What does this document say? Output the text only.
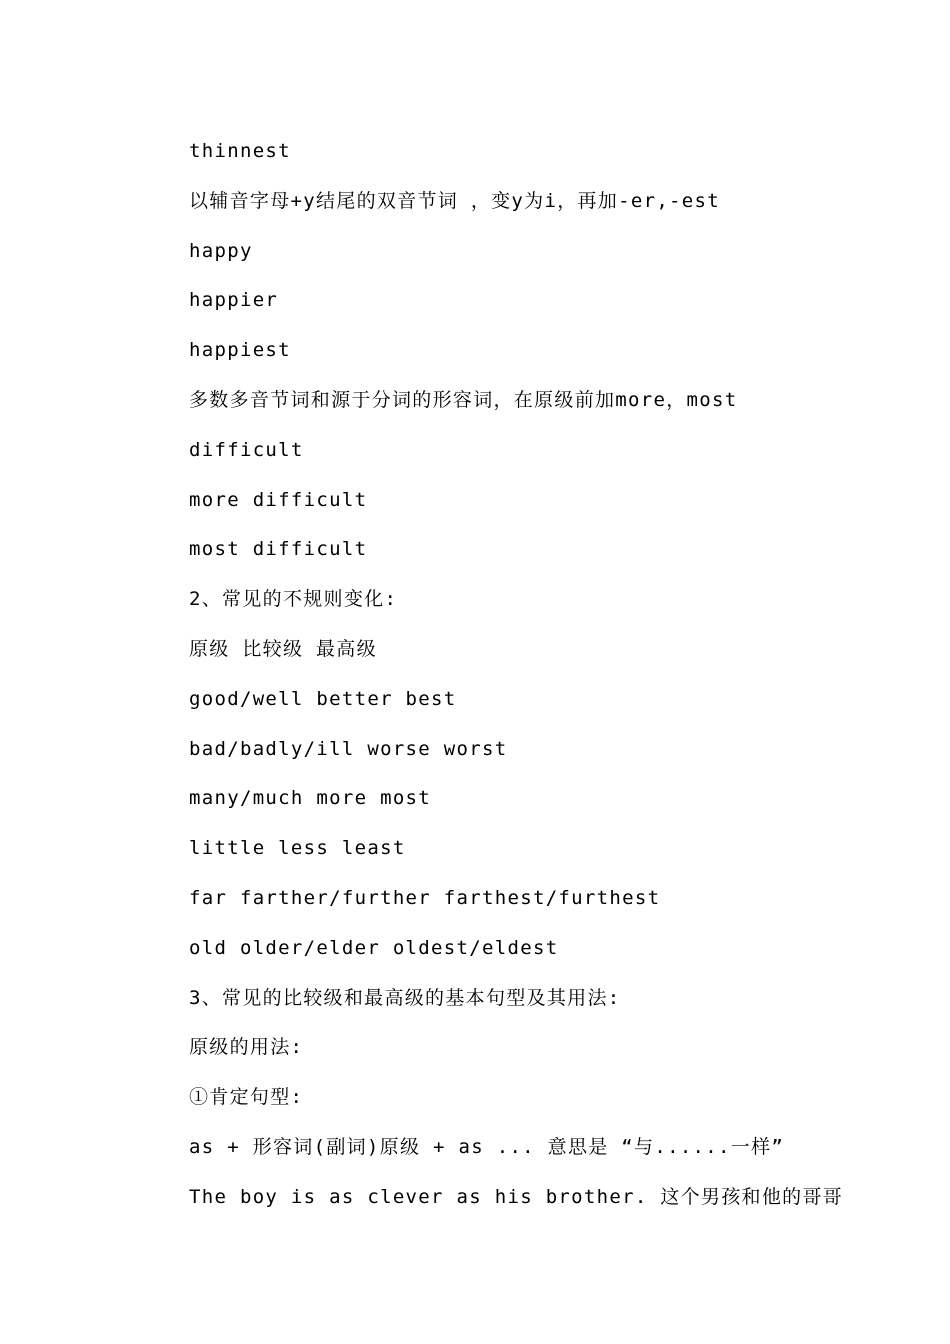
thinnest
以辅音字母+y结尾的双音节词 ，变y为i，再加-er,-est
happy
happier
happiest
多数多音节词和源于分词的形容词，在原级前加more，most
difficult
more difficult
most difficult
2、常见的不规则变化:
原级 比较级 最高级
good/well better best
bad/badly/ill worse worst
many/much more most
little less least
far farther/further farthest/furthest
old older/elder oldest/eldest
3、常见的比较级和最高级的基本句型及其用法:
原级的用法:
①肯定句型:
as + 形容词(副词)原级 + as ... 意思是 “与......一样”
The boy is as clever as his brother. 这个男孩和他的哥哥
